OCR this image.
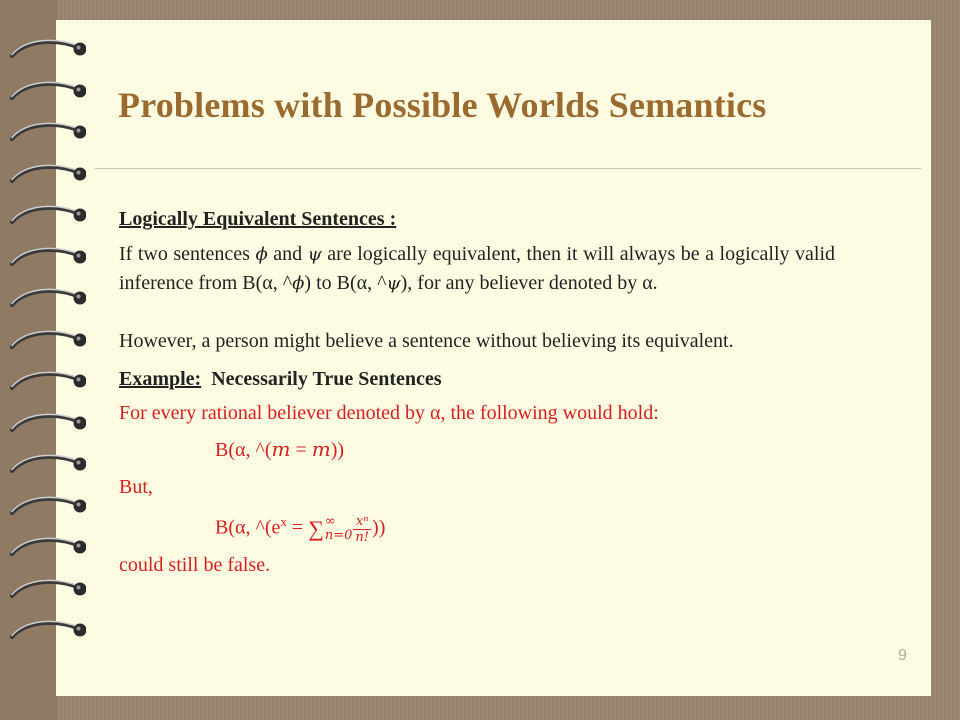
Problems with Possible Worlds Semantics

Logically Equivalent Sentences :

If two sentences ϕ and ψ are logically equivalent, then it will always be a logically valid inference from B(α, ^ϕ) to B(α, ^ψ), for any believer denoted by α.

However, a person might believe a sentence without believing its equivalent.

Example: Necessarily True Sentences

For every rational believer denoted by α, the following would hold:

B(α, ^(m = m))

But,

B(α, $\^{}(e^x$ = ∑ ∞
$n=0 \frac{\text{xⁿ}}{n!}$ ))

could still be false.

9
